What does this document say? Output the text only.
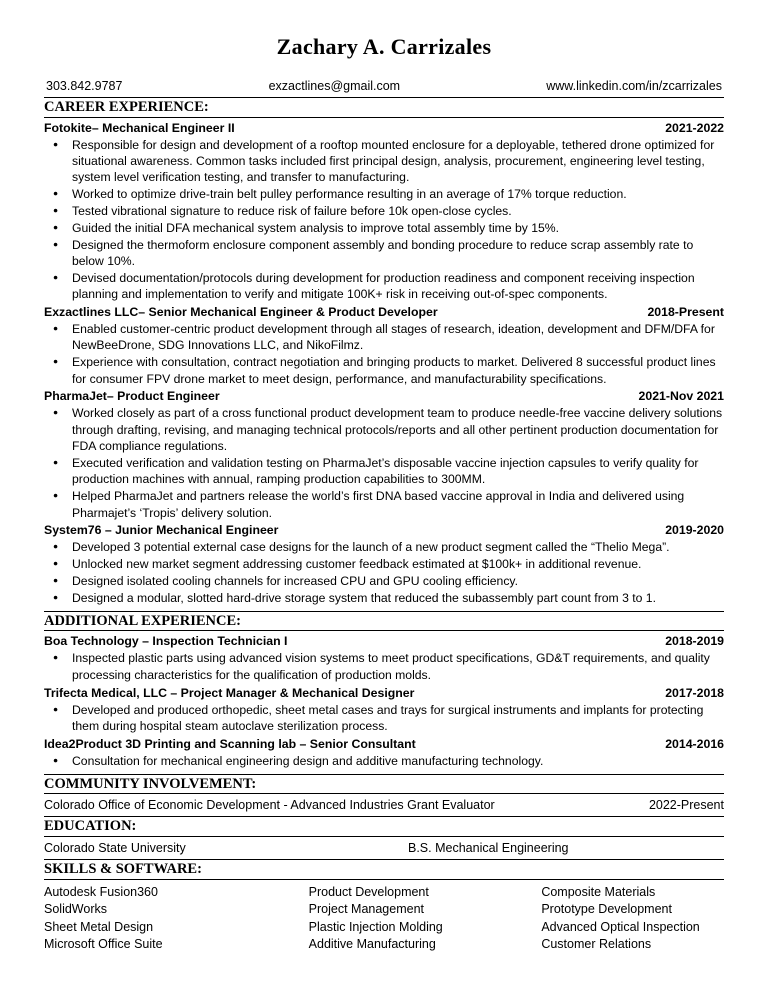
Zachary A. Carrizales
303.842.9787	exzactlines@gmail.com	www.linkedin.com/in/zcarrizales
CAREER EXPERIENCE:
Fotokite– Mechanical Engineer II	2021-2022
● Responsible for design and development of a rooftop mounted enclosure for a deployable, tethered drone optimized for situational awareness. Common tasks included first principal design, analysis, procurement, engineering level testing, system level verification testing, and transfer to manufacturing.
● Worked to optimize drive-train belt pulley performance resulting in an average of 17% torque reduction.
● Tested vibrational signature to reduce risk of failure before 10k open-close cycles.
● Guided the initial DFA mechanical system analysis to improve total assembly time by 15%.
● Designed the thermoform enclosure component assembly and bonding procedure to reduce scrap assembly rate to below 10%.
● Devised documentation/protocols during development for production readiness and component receiving inspection planning and implementation to verify and mitigate 100K+ risk in receiving out-of-spec components.
Exzactlines LLC– Senior Mechanical Engineer & Product Developer	2018-Present
● Enabled customer-centric product development through all stages of research, ideation, development and DFM/DFA for NewBeeDrone, SDG Innovations LLC, and NikoFilmz.
● Experience with consultation, contract negotiation and bringing products to market. Delivered 8 successful product lines for consumer FPV drone market to meet design, performance, and manufacturability specifications.
PharmaJet– Product Engineer	2021-Nov 2021
● Worked closely as part of a cross functional product development team to produce needle-free vaccine delivery solutions through drafting, revising, and managing technical protocols/reports and all other pertinent production documentation for FDA compliance regulations.
● Executed verification and validation testing on PharmaJet’s disposable vaccine injection capsules to verify quality for production machines with annual, ramping production capabilities to 300MM.
● Helped PharmaJet and partners release the world’s first DNA based vaccine approval in India and delivered using Pharmajet’s ‘Tropis’ delivery solution.
System76 – Junior Mechanical Engineer	2019-2020
● Developed 3 potential external case designs for the launch of a new product segment called the “Thelio Mega”.
● Unlocked new market segment addressing customer feedback estimated at $100k+ in additional revenue.
● Designed isolated cooling channels for increased CPU and GPU cooling efficiency.
● Designed a modular, slotted hard-drive storage system that reduced the subassembly part count from 3 to 1.
ADDITIONAL EXPERIENCE:
Boa Technology – Inspection Technician I	2018-2019
● Inspected plastic parts using advanced vision systems to meet product specifications, GD&T requirements, and quality processing characteristics for the qualification of production molds.
Trifecta Medical, LLC – Project Manager & Mechanical Designer	2017-2018
● Developed and produced orthopedic, sheet metal cases and trays for surgical instruments and implants for protecting them during hospital steam autoclave sterilization process.
Idea2Product 3D Printing and Scanning lab – Senior Consultant	2014-2016
● Consultation for mechanical engineering design and additive manufacturing technology.
COMMUNITY INVOLVEMENT:
Colorado Office of Economic Development - Advanced Industries Grant Evaluator	2022-Present
EDUCATION:
Colorado State University	B.S. Mechanical Engineering
SKILLS & SOFTWARE:
Autodesk Fusion360	Product Development	Composite Materials
SolidWorks	Project Management	Prototype Development
Sheet Metal Design	Plastic Injection Molding	Advanced Optical Inspection
Microsoft Office Suite	Additive Manufacturing	Customer Relations
